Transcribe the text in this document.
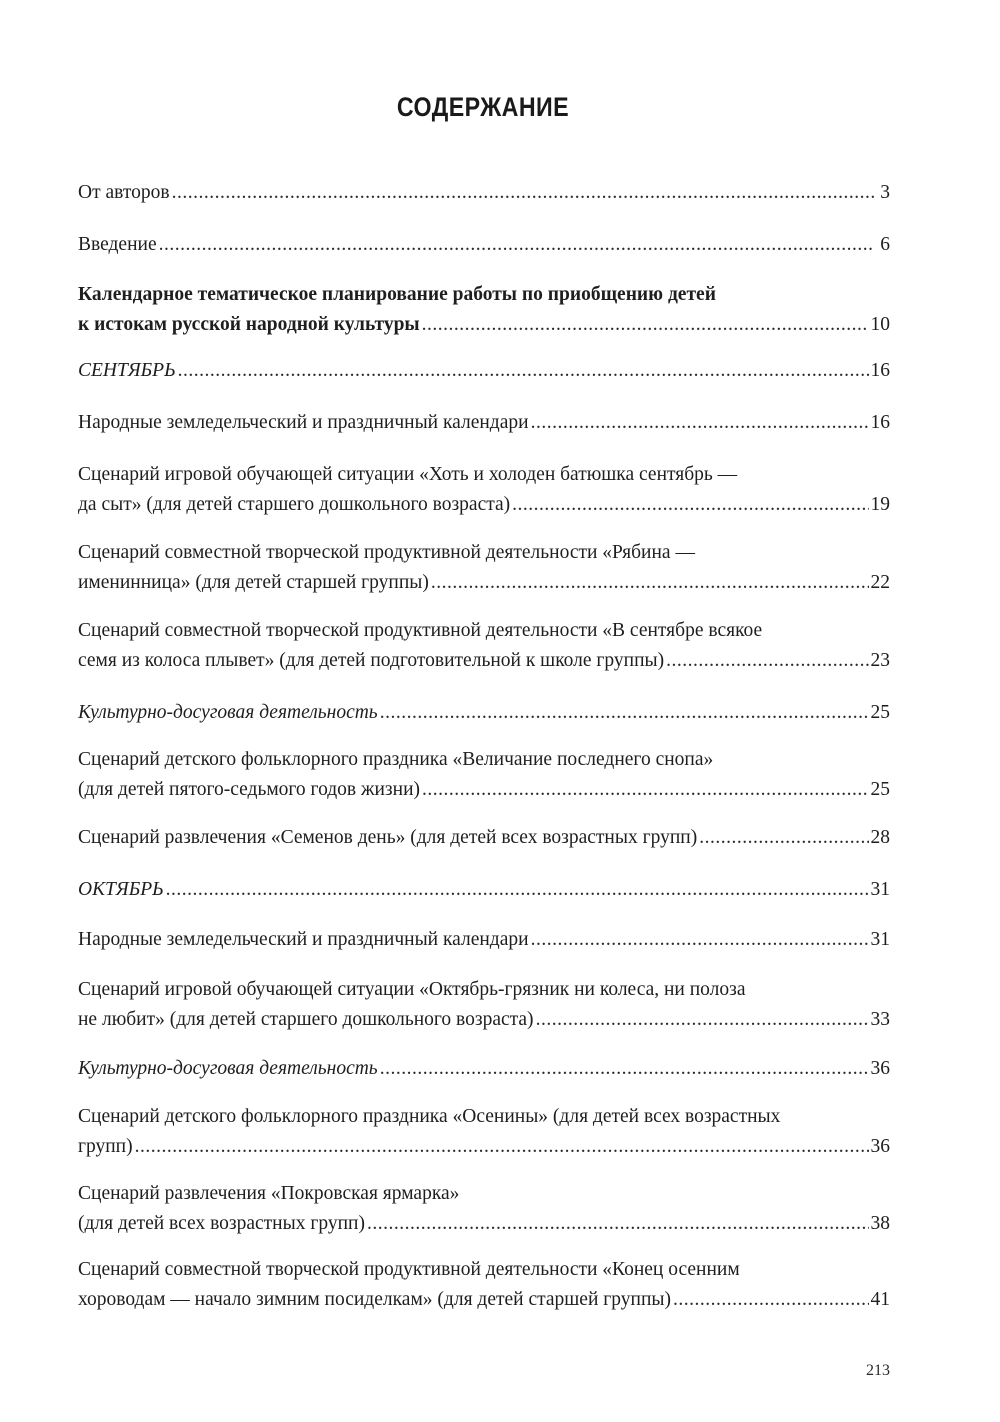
СОДЕРЖАНИЕ
От авторов .....	3
Введение .....	6
Календарное тематическое планирование работы по приобщению детей
к истокам русской народной культуры .....	10
СЕНТЯБРЬ .....	16
Народные земледельческий и праздничный календари .....	16
Сценарий игровой обучающей ситуации «Хоть и холоден батюшка сентябрь —
да сыт» (для детей старшего дошкольного возраста) .....	19
Сценарий совместной творческой продуктивной деятельности «Рябина —
именинница» (для детей старшей группы) .....	22
Сценарий совместной творческой продуктивной деятельности «В сентябре всякое
семя из колоса плывет» (для детей подготовительной к школе группы) .....	23
Культурно-досуговая деятельность .....	25
Сценарий детского фольклорного праздника «Величание последнего снопа»
(для детей пятого-седьмого годов жизни) .....	25
Сценарий развлечения «Семенов день» (для детей всех возрастных групп) .....	28
ОКТЯБРЬ .....	31
Народные земледельческий и праздничный календари .....	31
Сценарий игровой обучающей ситуации «Октябрь-грязник ни колеса, ни полоза
не любит» (для детей старшего дошкольного возраста) .....	33
Культурно-досуговая деятельность .....	36
Сценарий детского фольклорного праздника «Осенины» (для детей всех возрастных
групп) .....	36
Сценарий развлечения «Покровская ярмарка»
(для детей всех возрастных групп) .....	38
Сценарий совместной творческой продуктивной деятельности «Конец осенним
хороводам — начало зимним посиделкам» (для детей старшей группы) .....	41
213
